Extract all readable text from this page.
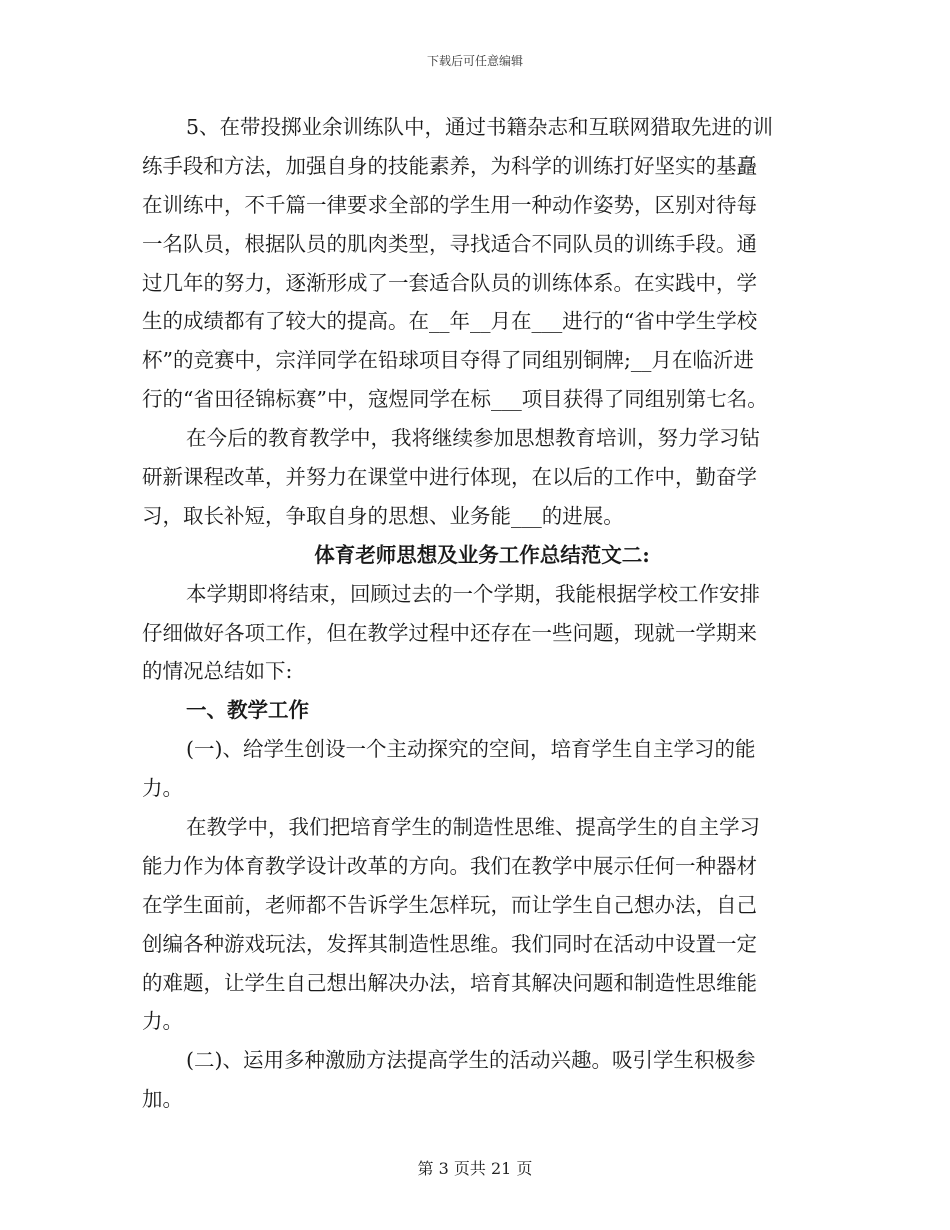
下载后可任意编辑
5、在带投掷业余训练队中，通过书籍杂志和互联网猎取先进的训
练手段和方法，加强自身的技能素养，为科学的训练打好坚实的基矗
在训练中，不千篇一律要求全部的学生用一种动作姿势，区别对待每
一名队员，根据队员的肌肉类型，寻找适合不同队员的训练手段。通
过几年的努力，逐渐形成了一套适合队员的训练体系。在实践中，学
生的成绩都有了较大的提高。在__年__月在___进行的“省中学生学校
杯”的竞赛中，宗洋同学在铅球项目夺得了同组别铜牌;__月在临沂进
行的“省田径锦标赛”中，寇煜同学在标___项目获得了同组别第七名。
在今后的教育教学中，我将继续参加思想教育培训，努力学习钻
研新课程改革，并努力在课堂中进行体现，在以后的工作中，勤奋学
习，取长补短，争取自身的思想、业务能___的进展。
体育老师思想及业务工作总结范文二:
本学期即将结束，回顾过去的一个学期，我能根据学校工作安排
仔细做好各项工作，但在教学过程中还存在一些问题，现就一学期来
的情况总结如下:
一、教学工作
(一)、给学生创设一个主动探究的空间，培育学生自主学习的能
力。
在教学中，我们把培育学生的制造性思维、提高学生的自主学习
能力作为体育教学设计改革的方向。我们在教学中展示任何一种器材
在学生面前，老师都不告诉学生怎样玩，而让学生自己想办法，自己
创编各种游戏玩法，发挥其制造性思维。我们同时在活动中设置一定
的难题，让学生自己想出解决办法，培育其解决问题和制造性思维能
力。
(二)、运用多种激励方法提高学生的活动兴趣。吸引学生积极参
加。
第 3 页共 21 页
